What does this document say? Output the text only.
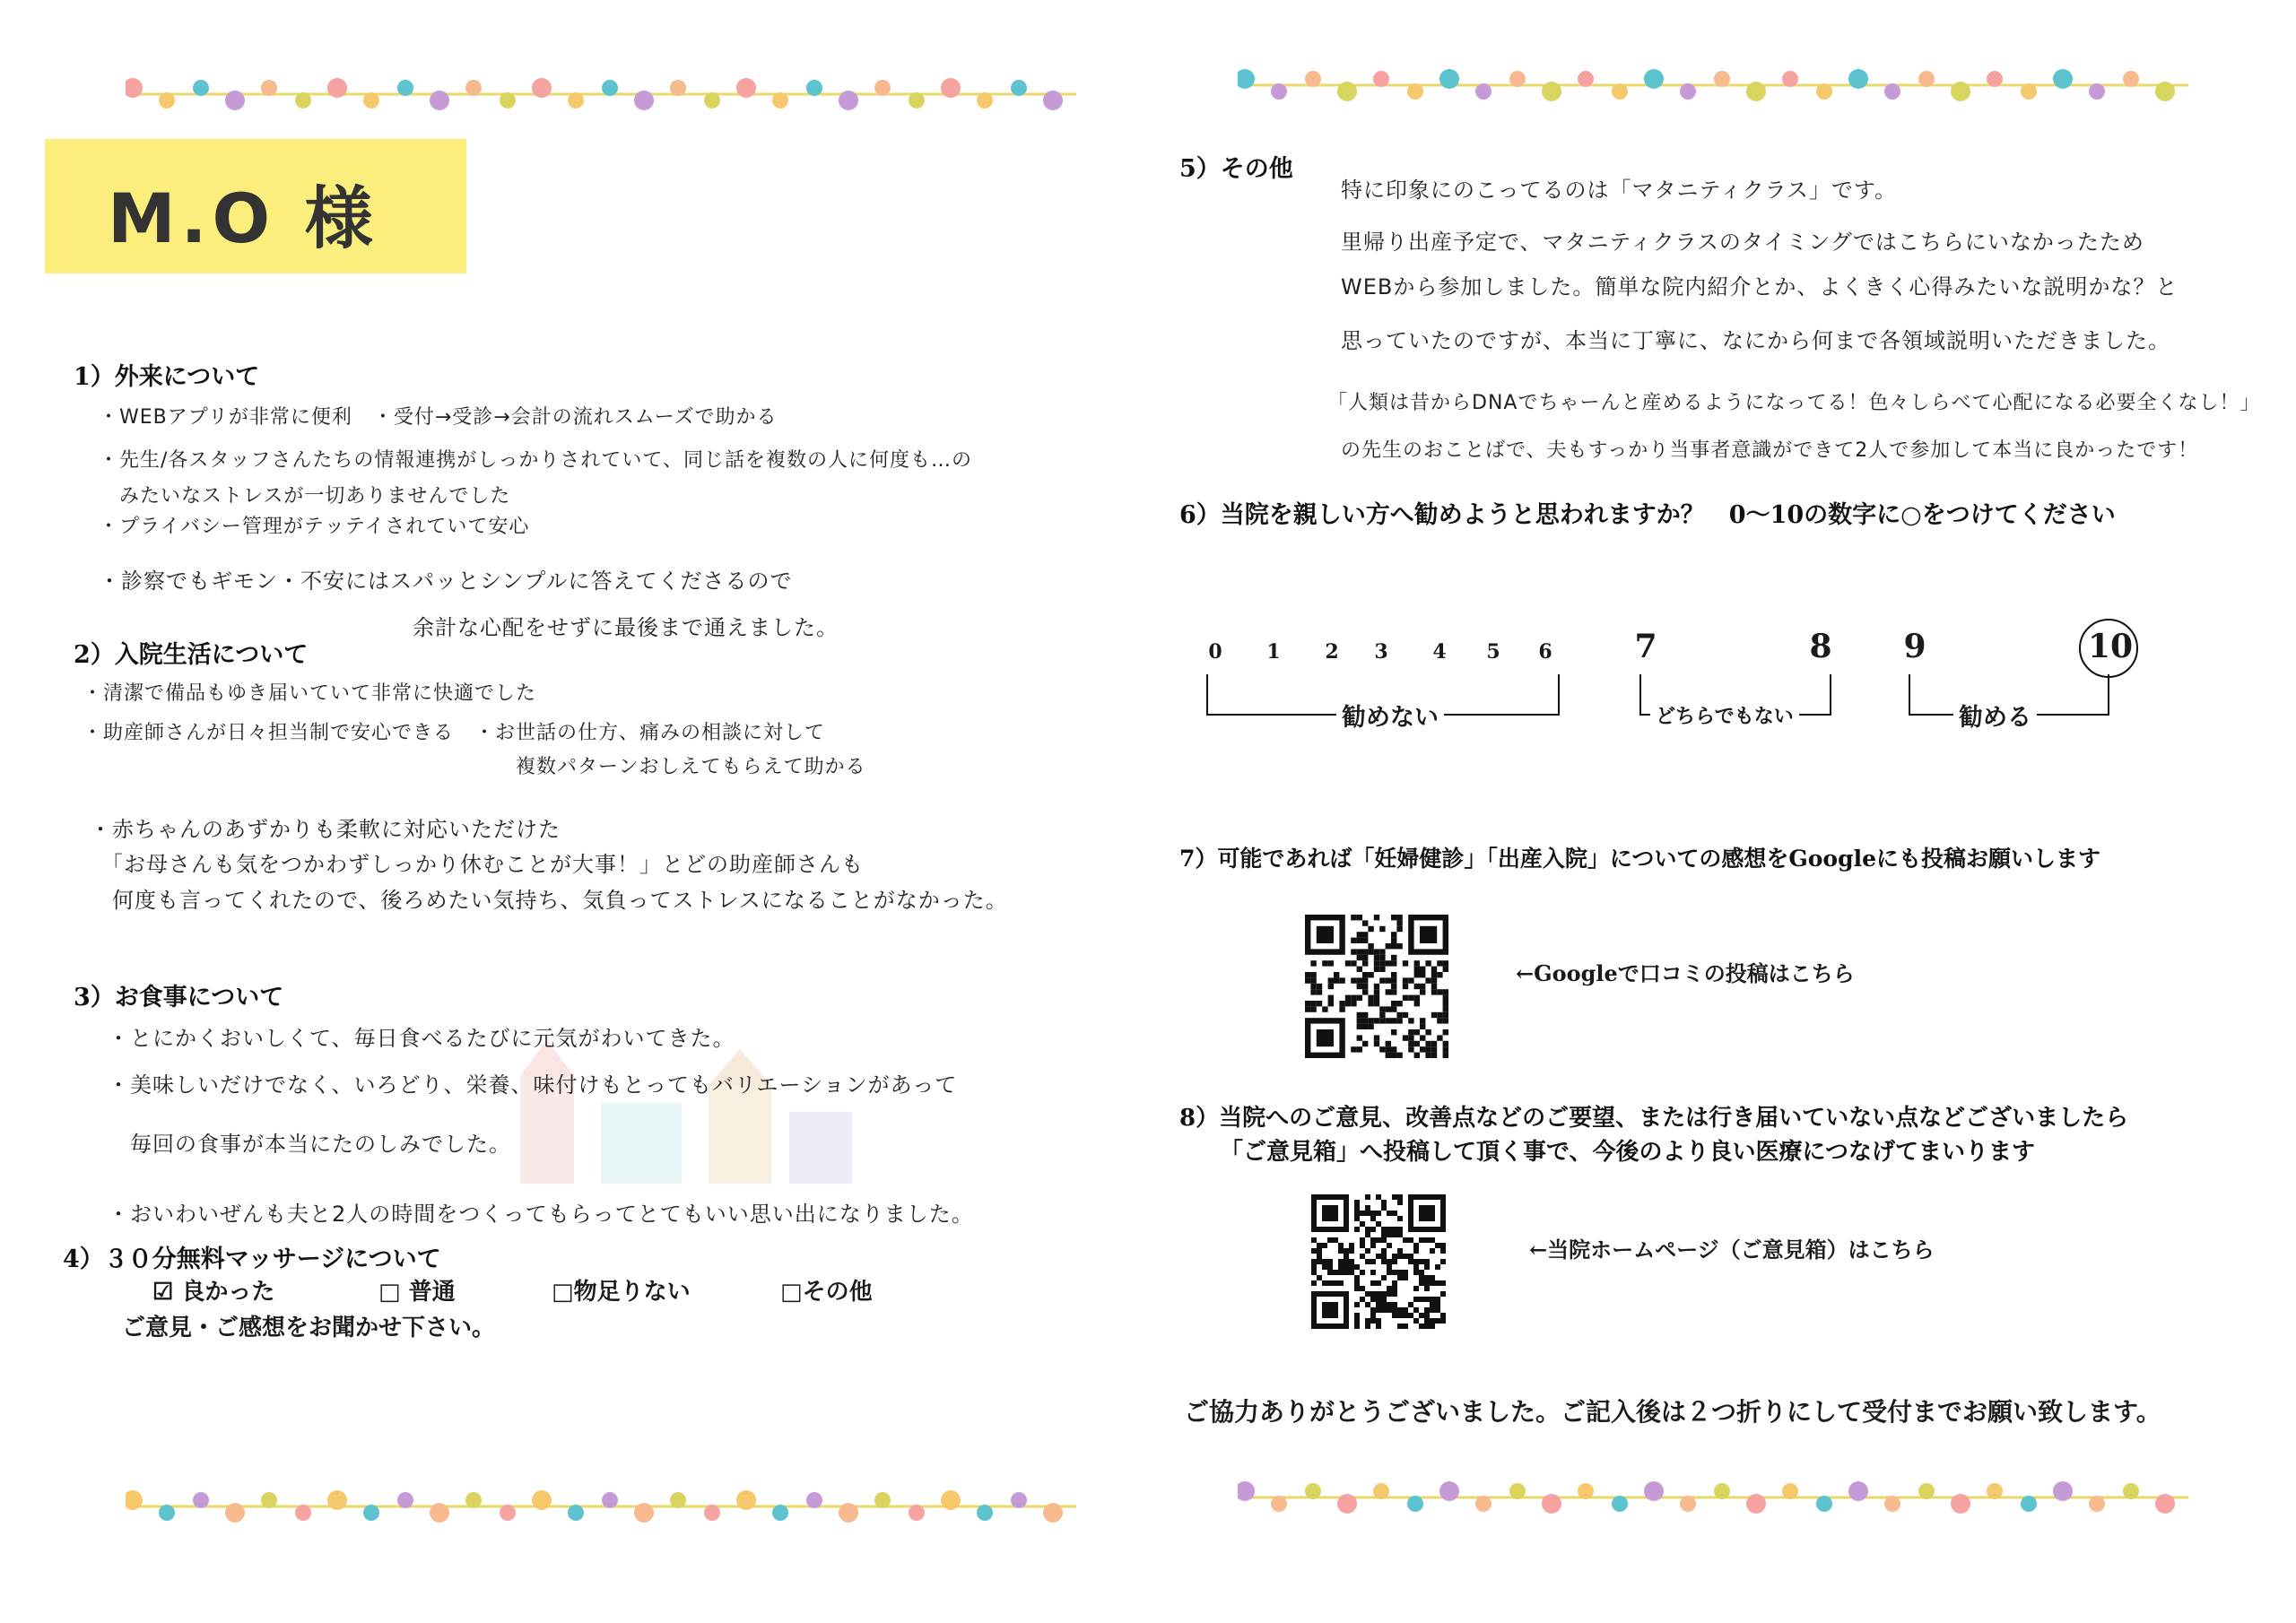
M.O 様
1）外来について
・WEBアプリが非常に便利　・受付→受診→会計の流れスムーズで助かる
・先生/各スタッフさんたちの情報連携がしっかりされていて、同じ話を複数の人に何度も…の
　みたいなストレスが一切ありませんでした
・プライバシー管理がテッテイされていて安心
・診察でもギモン・不安にはスパッとシンプルに答えてくださるので
　　　　　　　　　　　　　　余計な心配をせずに最後まで通えました。
2）入院生活について
・清潔で備品もゆき届いていて非常に快適でした
・助産師さんが日々担当制で安心できる　・お世話の仕方、痛みの相談に対して
　　　　　　　　　　　　　　　　　　　　　複数パターンおしえてもらえて助かる
・赤ちゃんのあずかりも柔軟に対応いただけた
　「お母さんも気をつかわずしっかり休むことが大事！」とどの助産師さんも
　何度も言ってくれたので、後ろめたい気持ち、気負ってストレスになることがなかった。
3）お食事について
・とにかくおいしくて、毎日食べるたびに元気がわいてきた。
・美味しいだけでなく、いろどり、栄養、味付けもとってもバリエーションがあって
　毎回の食事が本当にたのしみでした。
・おいわいぜんも夫と2人の時間をつくってもらってとてもいい思い出になりました。
4）３０分無料マッサージについて
☑ 良かった	□ 普通	□物足りない	□その他
ご意見・ご感想をお聞かせ下さい。
5）その他
特に印象にのこってるのは「マタニティクラス」です。
里帰り出産予定で、マタニティクラスのタイミングではこちらにいなかったため
WEBから参加しました。簡単な院内紹介とか、よくきく心得みたいな説明かな？と
思っていたのですが、本当に丁寧に、なにから何まで各領域説明いただきました。
「人類は昔からDNAでちゃーんと産めるようになってる！色々しらべて心配になる必要全くなし！」
の先生のおことばで、夫もすっかり当事者意識ができて2人で参加して本当に良かったです！
6）当院を親しい方へ勧めようと思われますか？　0〜10の数字に○をつけてください
0	1	2	3	4	5	6	7	8 9	10
勧めない	どちらでもない	勧める
7）可能であれば「妊婦健診」「出産入院」についての感想をGoogleにも投稿お願いします
←Googleで口コミの投稿はこちら
8）当院へのご意見、改善点などのご要望、または行き届いていない点などございましたら
「ご意見箱」へ投稿して頂く事で、今後のより良い医療につなげてまいります
←当院ホームページ（ご意見箱）はこちら
ご協力ありがとうございました。ご記入後は２つ折りにして受付までお願い致します。
